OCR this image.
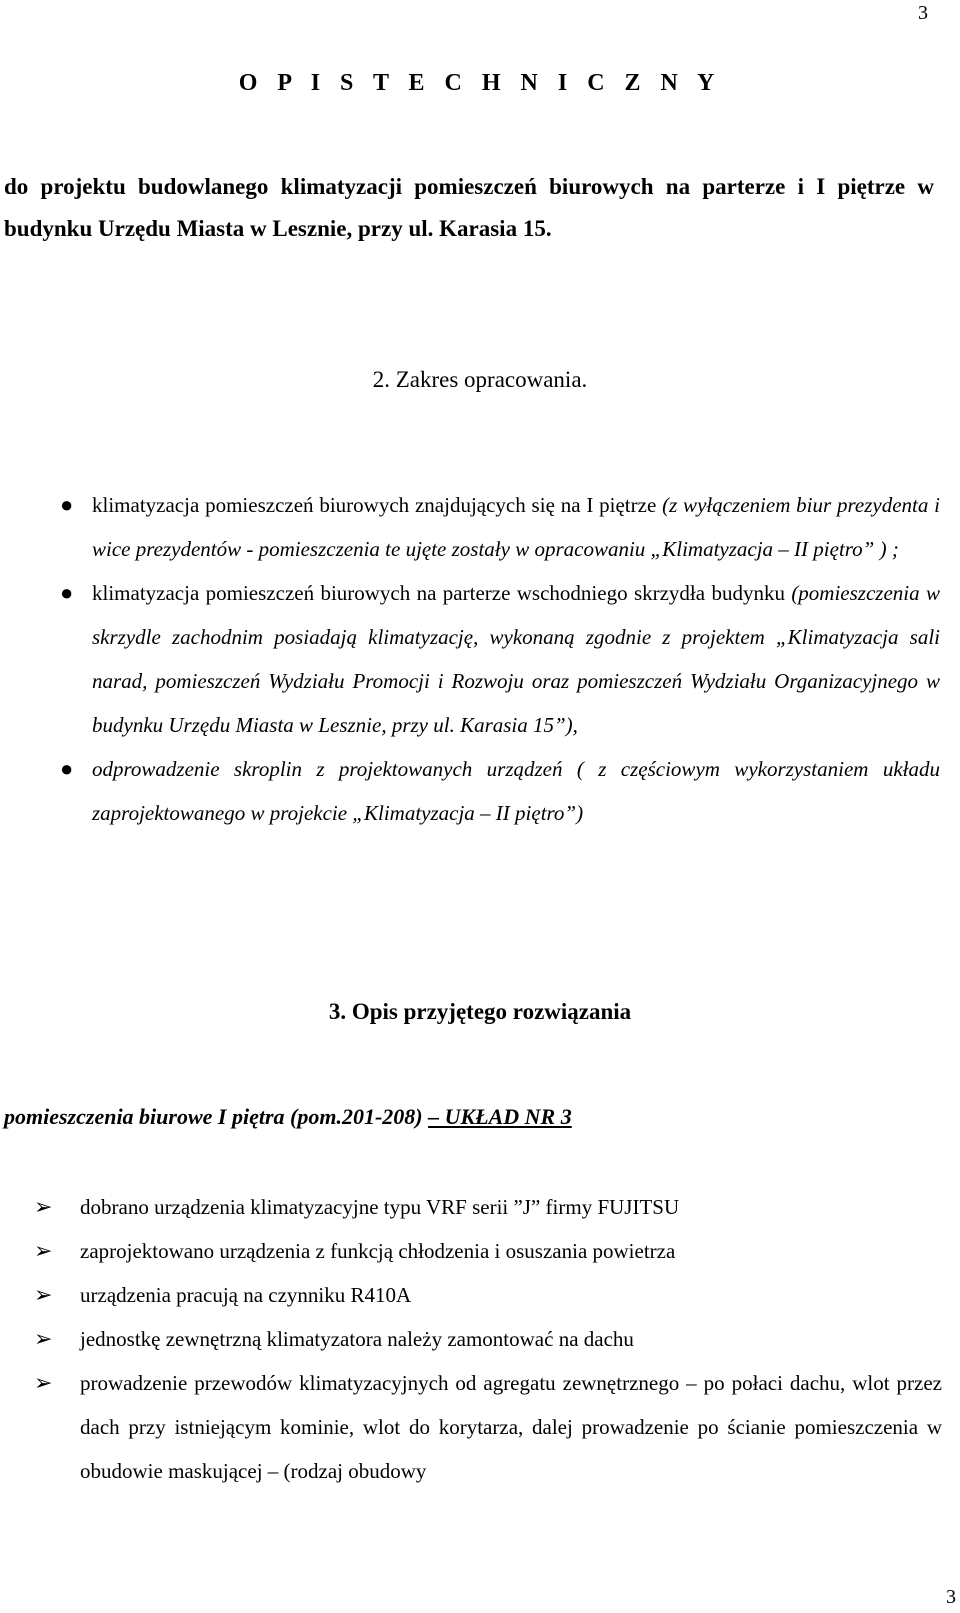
3
O P I S T E C H N I C Z N Y
do projektu budowlanego klimatyzacji pomieszczeń biurowych na parterze i I piętrze w budynku Urzędu Miasta w Lesznie, przy ul. Karasia 15.
2. Zakres opracowania.
● klimatyzacja pomieszczeń biurowych znajdujących się na I piętrze (z wyłączeniem biur prezydenta i wice prezydentów - pomieszczenia te ujęte zostały w opracowaniu „Klimatyzacja – II piętro” ) ;
● klimatyzacja pomieszczeń biurowych na parterze wschodniego skrzydła budynku (pomieszczenia w skrzydle zachodnim posiadają klimatyzację, wykonaną zgodnie z projektem „Klimatyzacja sali narad, pomieszczeń Wydziału Promocji i Rozwoju oraz pomieszczeń Wydziału Organizacyjnego w budynku Urzędu Miasta w Lesznie, przy ul. Karasia 15”),
● odprowadzenie skroplin z projektowanych urządzeń ( z częściowym wykorzystaniem układu zaprojektowanego w projekcie „Klimatyzacja – II piętro”)
3. Opis przyjętego rozwiązania
pomieszczenia biurowe I piętra (pom.201-208) – UKŁAD NR 3
➢ dobrano urządzenia klimatyzacyjne typu VRF serii ”J” firmy FUJITSU
➢ zaprojektowano urządzenia z funkcją chłodzenia i osuszania powietrza
➢ urządzenia pracują na czynniku R410A
➢ jednostkę zewnętrzną klimatyzatora należy zamontować na dachu
➢ prowadzenie przewodów klimatyzacyjnych od agregatu zewnętrznego – po połaci dachu, wlot przez dach przy istniejącym kominie, wlot do korytarza, dalej prowadzenie po ścianie pomieszczenia w obudowie maskującej – (rodzaj obudowy
3
